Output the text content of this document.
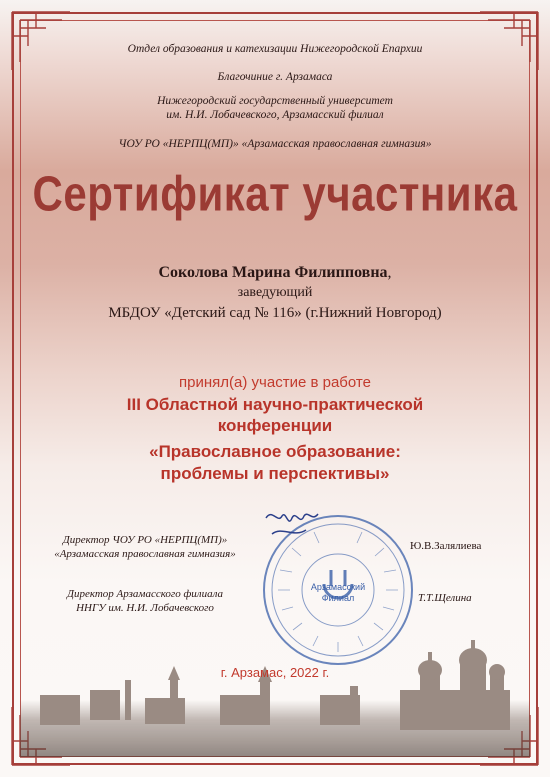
Отдел образования и катехизации Нижегородской Епархии
Благочиние г. Арзамаса
Нижегородский государственный университет
им. Н.И. Лобачевского, Арзамасский филиал
ЧОУ РО «НЕРПЦ(МП)» «Арзамасская православная гимназия»
Сертификат участника
Соколова Марина Филипповна,
заведующий
МБДОУ «Детский сад № 116» (г.Нижний Новгород)
принял(а) участие в работе
III Областной научно-практической
конференции
«Православное образование:
проблемы и перспективы»
Арзамасский
Филиал
Директор ЧОУ РО «НЕРПЦ(МП)»
«Арзамасская православная гимназия»
Ю.В.Залялиева
Директор Арзамасского филиала
ННГУ им. Н.И. Лобачевского
Т.Т.Щелина
г. Арзамас, 2022 г.
